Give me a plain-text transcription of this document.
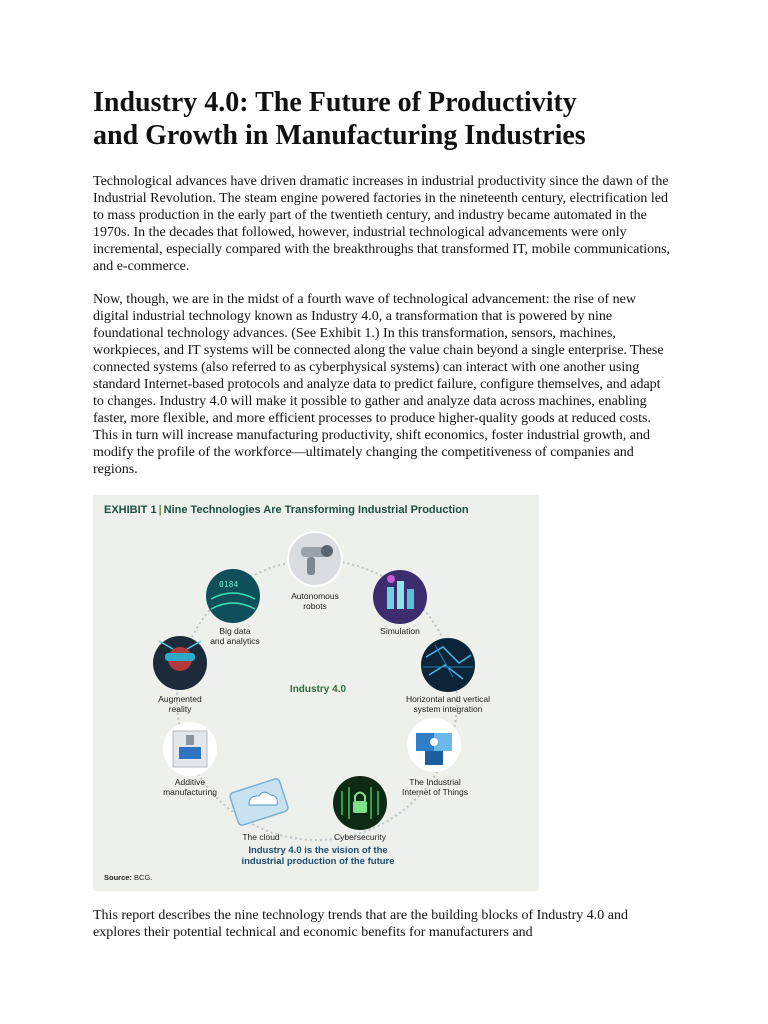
Industry 4.0: The Future of Productivity
and Growth in Manufacturing Industries

Technological advances have driven dramatic increases in industrial productivity since the dawn of the Industrial Revolution. The steam engine powered factories in the nineteenth century, electrification led to mass production in the early part of the twentieth century, and industry became automated in the 1970s. In the decades that followed, however, industrial technological advancements were only incremental, especially compared with the breakthroughs that transformed IT, mobile communications, and e-commerce.

Now, though, we are in the midst of a fourth wave of technological advancement: the rise of new digital industrial technology known as Industry 4.0, a transformation that is powered by nine foundational technology advances. (See Exhibit 1.) In this transformation, sensors, machines, workpieces, and IT systems will be connected along the value chain beyond a single enterprise. These connected systems (also referred to as cyberphysical systems) can interact with one another using standard Internet-based protocols and analyze data to predict failure, configure themselves, and adapt to changes. Industry 4.0 will make it possible to gather and analyze data across machines, enabling faster, more flexible, and more efficient processes to produce higher-quality goods at reduced costs. This in turn will increase manufacturing productivity, shift economics, foster industrial growth, and modify the profile of the workforce—ultimately changing the competitiveness of companies and regions.

0184
EXHIBIT 1 | Nine Technologies Are Transforming Industrial Production
Autonomous
robots
Simulation
Horizontal and vertical
system integration
The Industrial
Internet of Things
Cybersecurity
The cloud
Additive
manufacturing
Augmented
reality
Big data
and analytics
Industry 4.0
Industry 4.0 is the vision of the
industrial production of the future
Source: BCG.

This report describes the nine technology trends that are the building blocks of Industry 4.0 and explores their potential technical and economic benefits for manufacturers and
